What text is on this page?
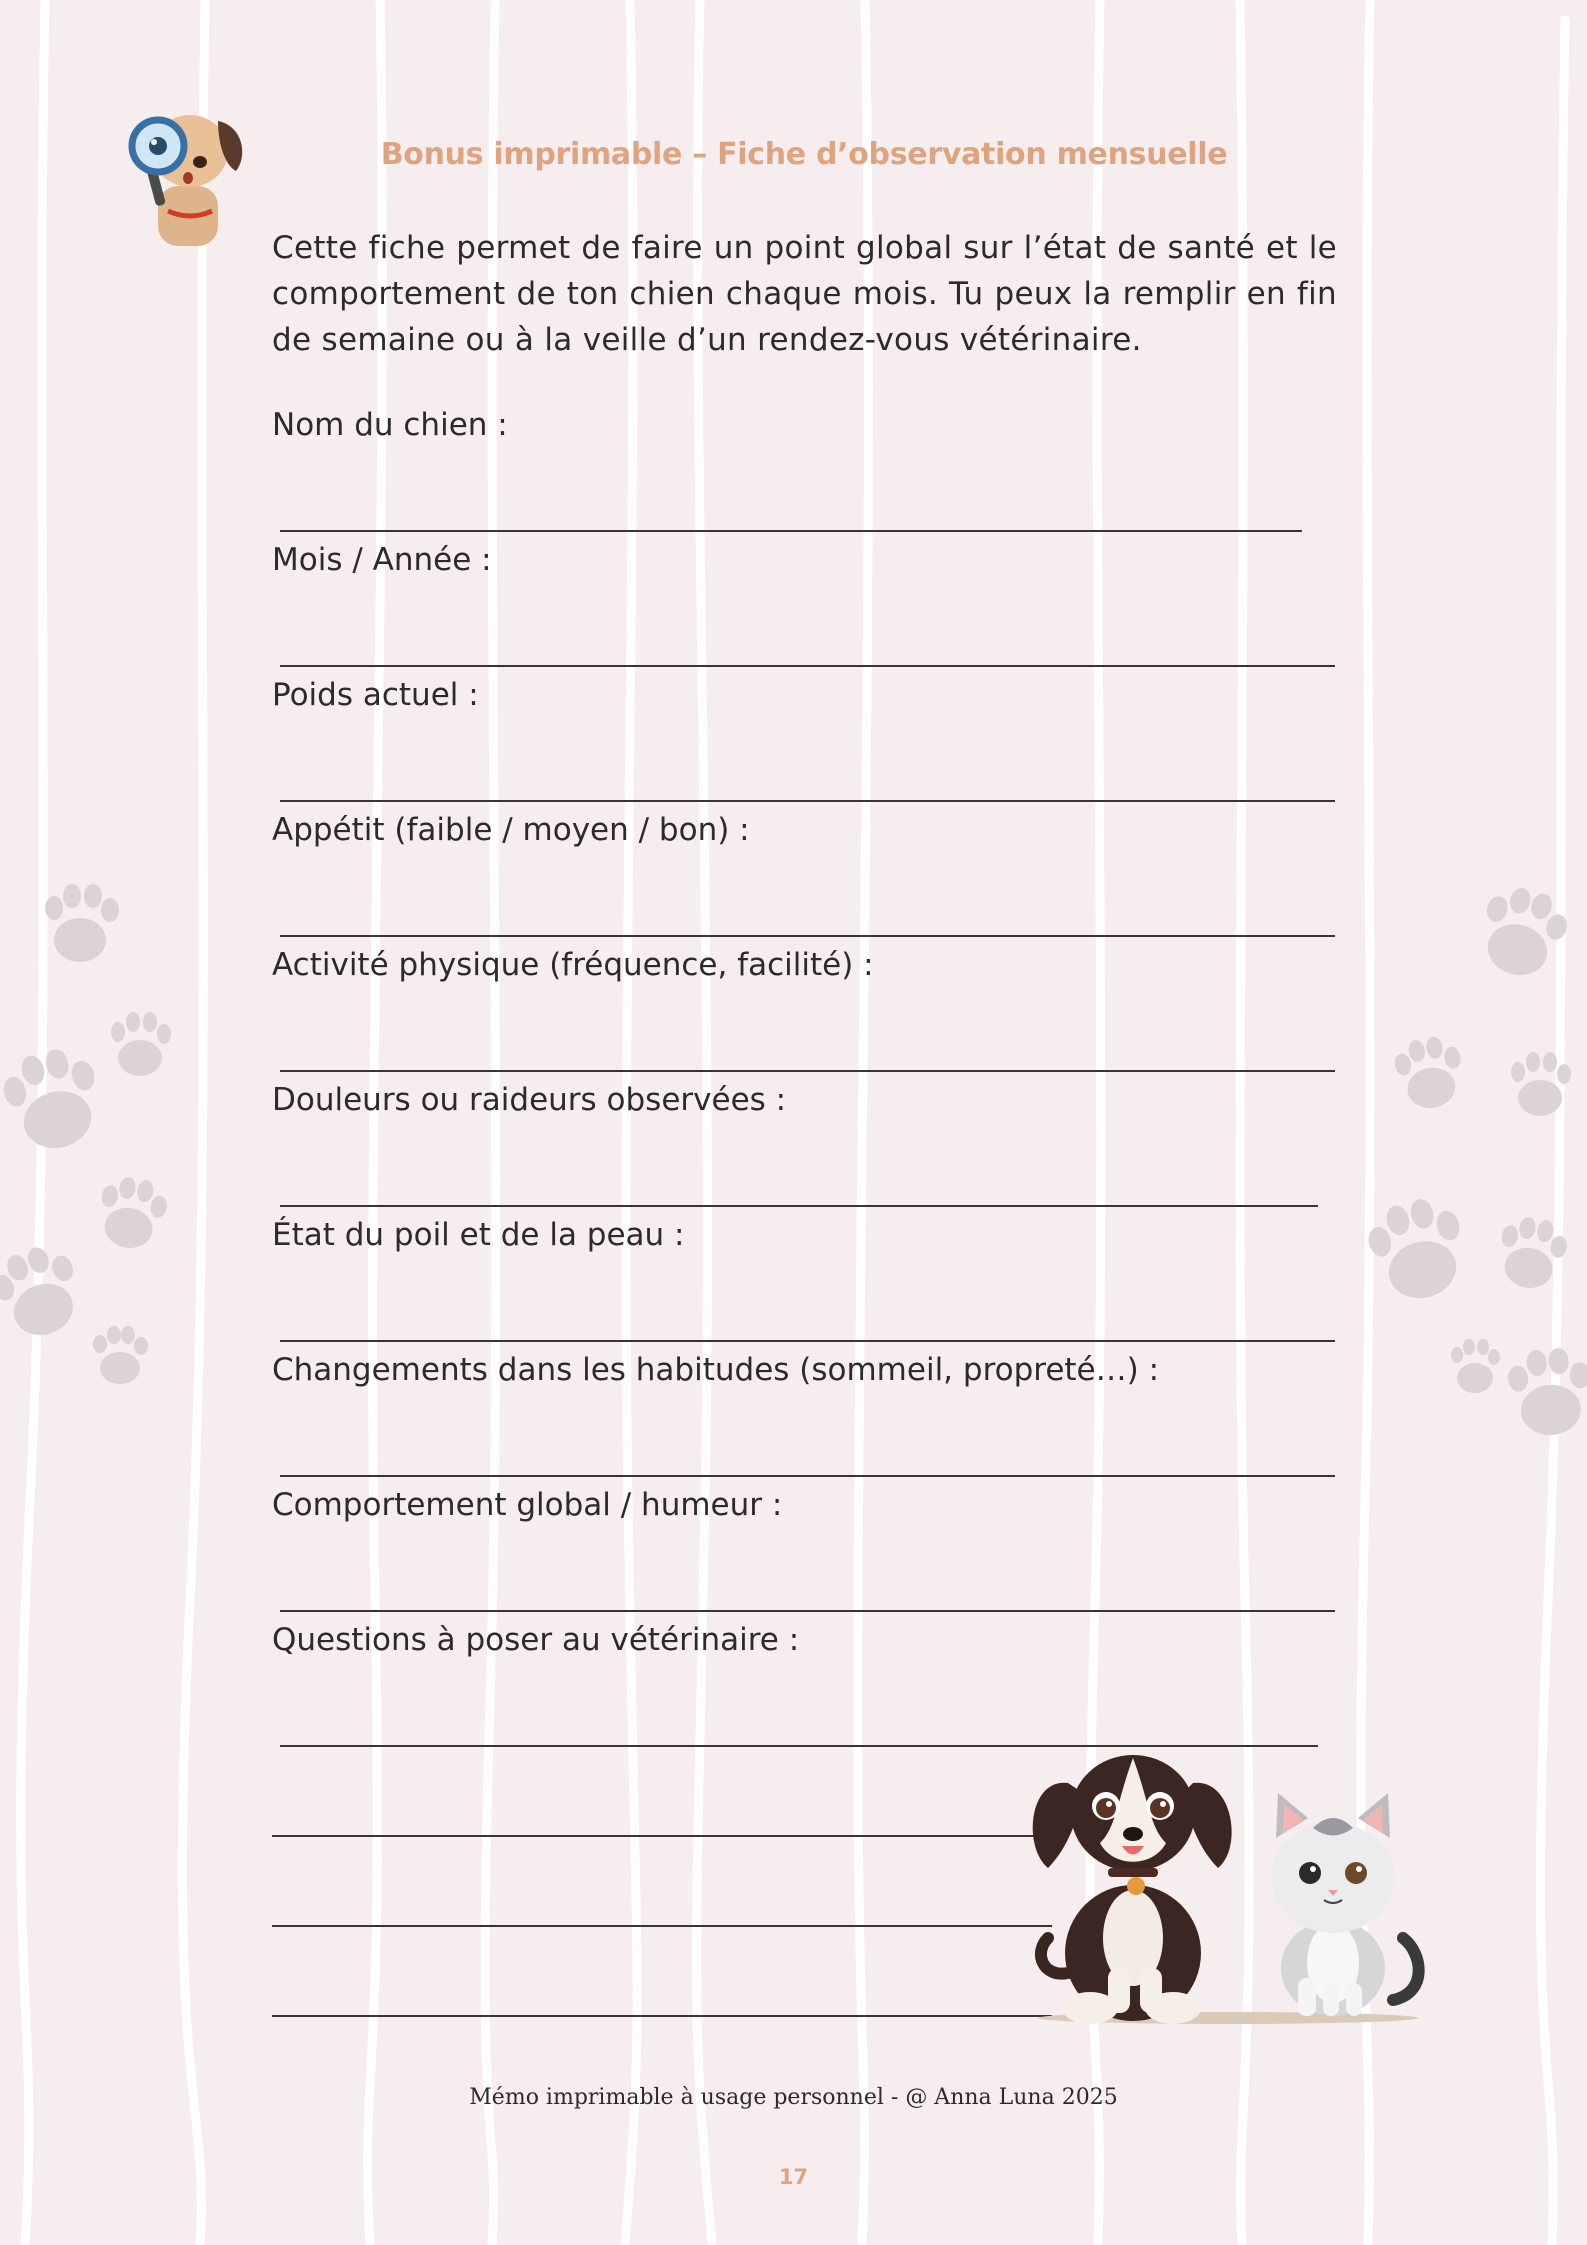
Bonus imprimable – Fiche d’observation mensuelle

Cette fiche permet de faire un point global sur l’état de santé et le comportement de ton chien chaque mois. Tu peux la remplir en fin de semaine ou à la veille d’un rendez-vous vétérinaire.

Nom du chien :

Mois / Année :

Poids actuel :

Appétit (faible / moyen / bon) :

Activité physique (fréquence, facilité) :

Douleurs ou raideurs observées :

État du poil et de la peau :

Changements dans les habitudes (sommeil, propreté…) :

Comportement global / humeur :

Questions à poser au vétérinaire :

Mémo imprimable à usage personnel - @ Anna Luna 2025

17
